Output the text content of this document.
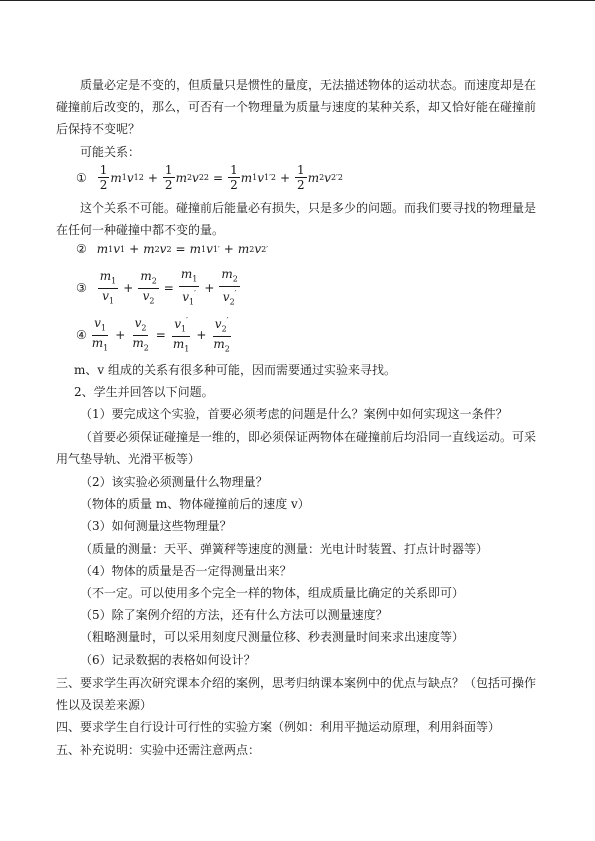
质量必定是不变的，但质量只是惯性的量度，无法描述物体的运动状态。而速度却是在碰撞前后改变的，那么，可否有一个物理量为质量与速度的某种关系，却又恰好能在碰撞前后保持不变呢？

可能关系：

① $\frac{1}{2}$ m 1 v 1 $2 + \frac{1}{2}$ m 2 v 2 $2 = \frac{1}{2}$ m 1 v 1 $'2 + \frac{1}{2}$ m 2 v 2 ′2

这个关系不可能。碰撞前后能量必有损失，只是多少的问题。而我们要寻找的物理量是在任何一种碰撞中都不变的量。

② m 1 v 1 + m 2 v 2 = m 1 v 1 ′ + m 2 v 2 ′
③ $\frac{m_1}{v_1} + \frac{m_2}{v_2} = \frac{m_1}{v_1'} + \frac{m_2}{v_2'}$
④ $\frac{v_1}{m_1} + \frac{v_2}{m_2} = \frac{v_1'}{m_1} + \frac{v_2'}{m_2}$

m、v 组成的关系有很多种可能，因而需要通过实验来寻找。

2、学生并回答以下问题。

（1）要完成这个实验，首要必须考虑的问题是什么？案例中如何实现这一条件？

（首要必须保证碰撞是一维的，即必须保证两物体在碰撞前后均沿同一直线运动。可采用气垫导轨、光滑平板等）

（2）该实验必须测量什么物理量？

（物体的质量 m、物体碰撞前后的速度 v）

（3）如何测量这些物理量？

（质量的测量：天平、弹簧秤等速度的测量：光电计时装置、打点计时器等）

（4）物体的质量是否一定得测量出来？

（不一定。可以使用多个完全一样的物体，组成质量比确定的关系即可）

（5）除了案例介绍的方法，还有什么方法可以测量速度？

（粗略测量时，可以采用刻度尺测量位移、秒表测量时间来求出速度等）

（6）记录数据的表格如何设计？

三、要求学生再次研究课本介绍的案例，思考归纳课本案例中的优点与缺点？（包括可操作性以及误差来源）

四、要求学生自行设计可行性的实验方案（例如：利用平抛运动原理，利用斜面等）

五、补充说明：实验中还需注意两点：
